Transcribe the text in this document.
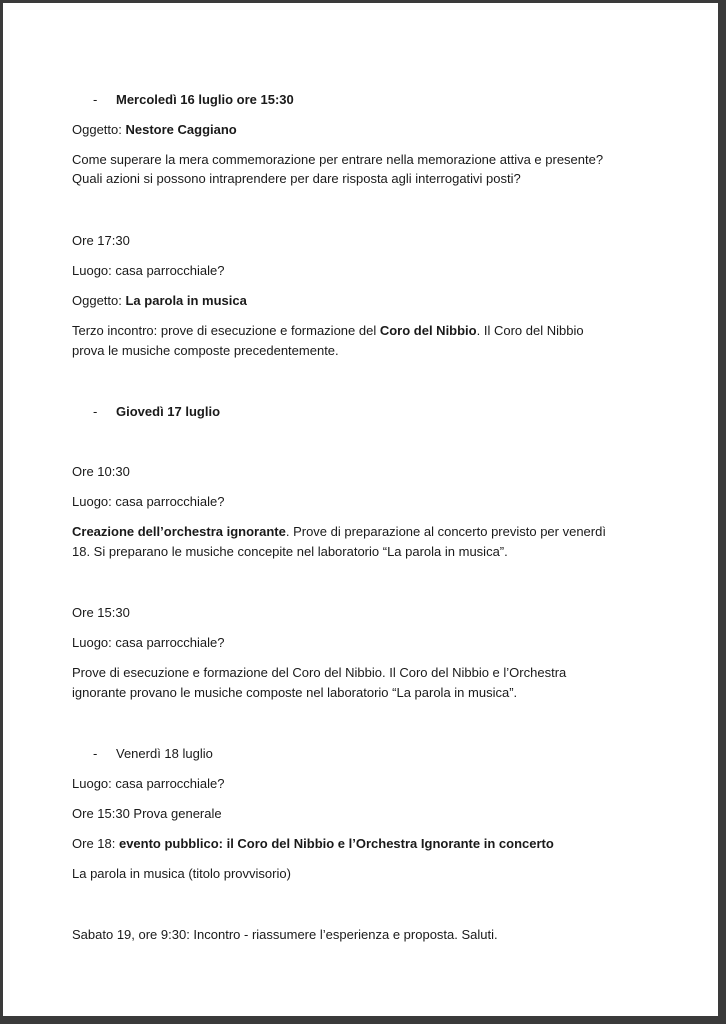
- Mercoledì 16 luglio ore 15:30
Oggetto: Nestore Caggiano
Come superare la mera commemorazione per entrare nella memorazione attiva e presente?
Quali azioni si possono intraprendere per dare risposta agli interrogativi posti?
Ore 17:30
Luogo: casa parrocchiale?
Oggetto: La parola in musica
Terzo incontro: prove di esecuzione e formazione del Coro del Nibbio. Il Coro del Nibbio
prova le musiche composte precedentemente.
- Giovedì 17 luglio
Ore 10:30
Luogo: casa parrocchiale?
Creazione dell’orchestra ignorante. Prove di preparazione al concerto previsto per venerdì
18. Si preparano le musiche concepite nel laboratorio “La parola in musica”.
Ore 15:30
Luogo: casa parrocchiale?
Prove di esecuzione e formazione del Coro del Nibbio. Il Coro del Nibbio e l’Orchestra
ignorante provano le musiche composte nel laboratorio “La parola in musica”.
- Venerdì 18 luglio
Luogo: casa parrocchiale?
Ore 15:30 Prova generale
Ore 18: evento pubblico: il Coro del Nibbio e l’Orchestra Ignorante in concerto
La parola in musica (titolo provvisorio)
Sabato 19, ore 9:30: Incontro - riassumere l’esperienza e proposta. Saluti.
